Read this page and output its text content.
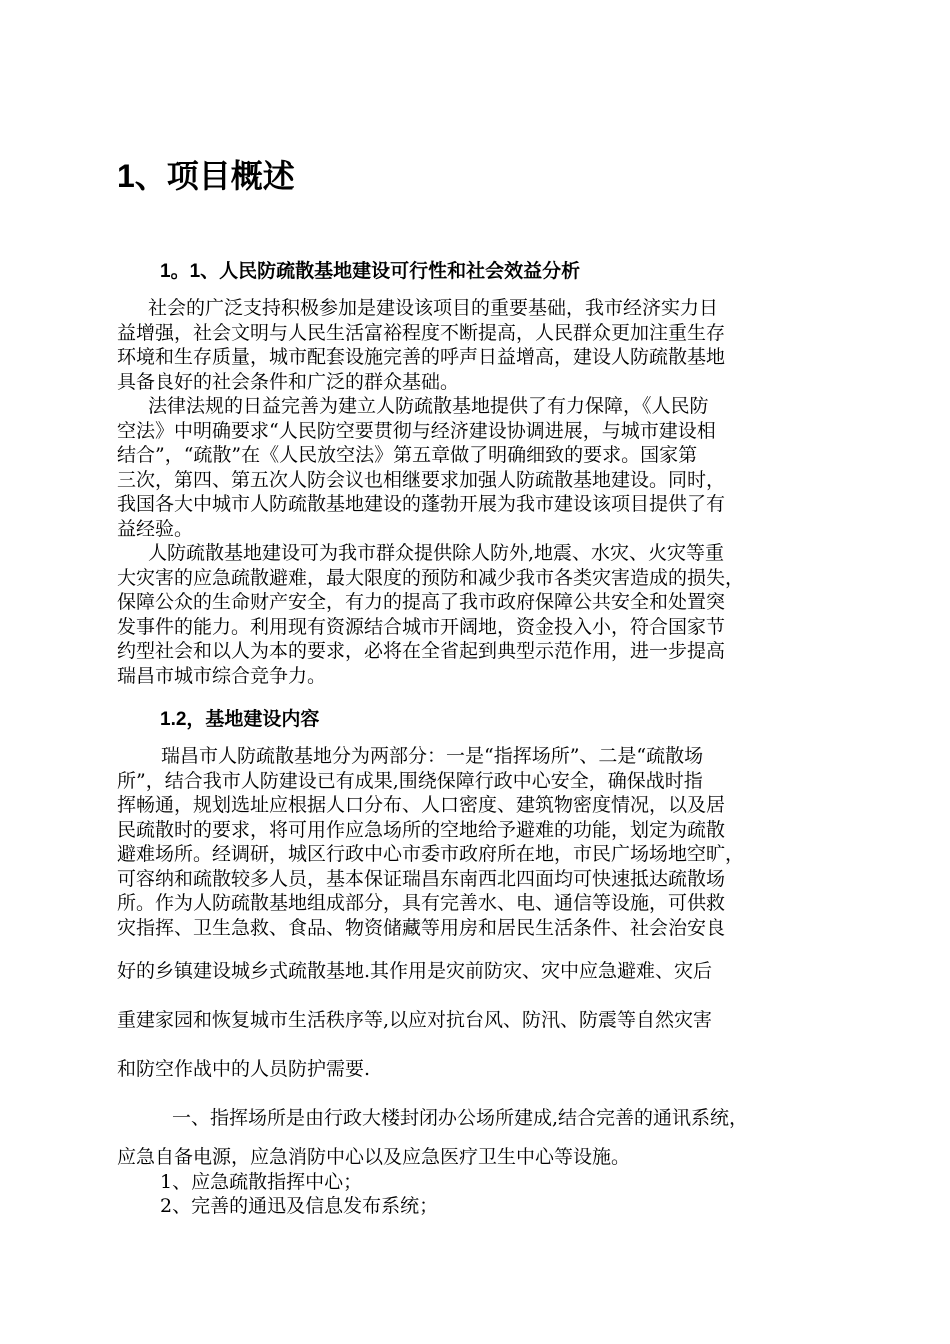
1、项目概述
1。1、人民防疏散基地建设可行性和社会效益分析
社会的广泛支持积极参加是建设该项目的重要基础，我市经济实力日
益增强，社会文明与人民生活富裕程度不断提高，人民群众更加注重生存
环境和生存质量，城市配套设施完善的呼声日益增高，建设人防疏散基地
具备良好的社会条件和广泛的群众基础。
法律法规的日益完善为建立人防疏散基地提供了有力保障，《人民防
空法》中明确要求“人民防空要贯彻与经济建设协调进展，与城市建设相
结合”，“疏散”在《人民放空法》第五章做了明确细致的要求。国家第
三次，第四、第五次人防会议也相继要求加强人防疏散基地建设。同时，
我国各大中城市人防疏散基地建设的蓬勃开展为我市建设该项目提供了有
益经验。
人防疏散基地建设可为我市群众提供除人防外,地震、水灾、火灾等重
大灾害的应急疏散避难，最大限度的预防和减少我市各类灾害造成的损失，
保障公众的生命财产安全，有力的提高了我市政府保障公共安全和处置突
发事件的能力。利用现有资源结合城市开阔地，资金投入小，符合国家节
约型社会和以人为本的要求，必将在全省起到典型示范作用，进一步提高
瑞昌市城市综合竞争力。
1.2，基地建设内容
瑞昌市人防疏散基地分为两部分：一是“指挥场所”、二是“疏散场
所”，结合我市人防建设已有成果,围绕保障行政中心安全，确保战时指
挥畅通，规划选址应根据人口分布、人口密度、建筑物密度情况，以及居
民疏散时的要求，将可用作应急场所的空地给予避难的功能，划定为疏散
避难场所。经调研，城区行政中心市委市政府所在地，市民广场场地空旷，
可容纳和疏散较多人员，基本保证瑞昌东南西北四面均可快速抵达疏散场
所。作为人防疏散基地组成部分，具有完善水、电、通信等设施，可供救
灾指挥、卫生急救、食品、物资储藏等用房和居民生活条件、社会治安良
好的乡镇建设城乡式疏散基地.其作用是灾前防灾、灾中应急避难、灾后
重建家园和恢复城市生活秩序等,以应对抗台风、防汛、防震等自然灾害
和防空作战中的人员防护需要.
一、指挥场所是由行政大楼封闭办公场所建成,结合完善的通讯系统，
应急自备电源，应急消防中心以及应急医疗卫生中心等设施。
1、应急疏散指挥中心；
2、完善的通迅及信息发布系统；
